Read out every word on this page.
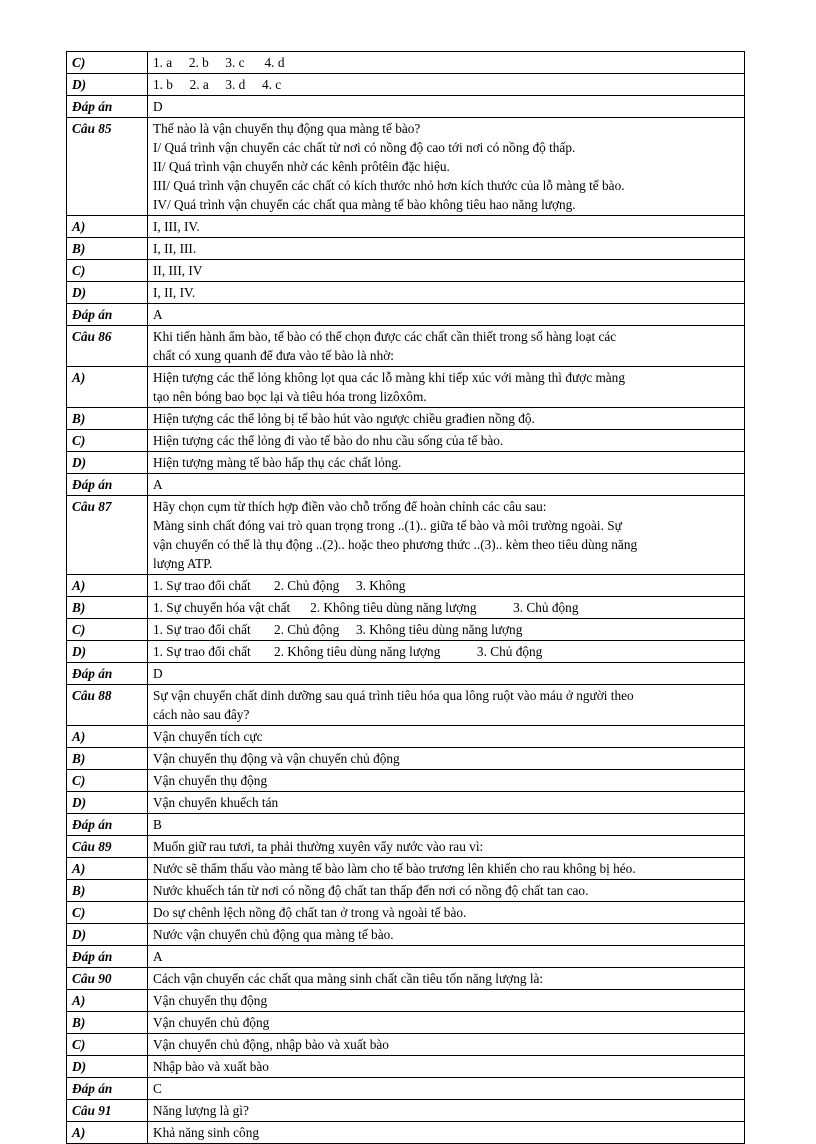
C)	1. a     2. b     3. c      4. d

D)	1. b     2. a     3. d     4. c

Đáp án	D

Câu 85	Thế nào là vận chuyển thụ động qua màng tế bào?
I/ Quá trình vận chuyển các chất từ nơi có nồng độ cao tới nơi có nồng độ thấp.
II/ Quá trình vận chuyển nhờ các kênh prôtêin đặc hiệu.
III/ Quá trình vận chuyển các chất có kích thước nhỏ hơn kích thước của lỗ màng tế bào.
IV/ Quá trình vận chuyển các chất qua màng tế bào không tiêu hao năng lượng.

A)	I, III, IV.

B)	I, II, III.

C)	II, III, IV

D)	I, II, IV.

Đáp án	A

Câu 86	Khi tiến hành ẩm bào, tế bào có thể chọn được các chất cần thiết trong số hàng loạt các
chất có xung quanh để đưa vào tế bào là nhờ:

A)	Hiện tượng các thể lỏng không lọt qua các lỗ màng khi tiếp xúc với màng thì được màng
tạo nên bóng bao bọc lại và tiêu hóa trong lizôxôm.

B)	Hiện tượng các thể lỏng bị tế bào hút vào ngược chiều građien nồng độ.

C)	Hiện tượng các thể lỏng đi vào tế bào do nhu cầu sống của tế bào.

D)	Hiện tượng màng tế bào hấp thụ các chất lỏng.

Đáp án	A

Câu 87	Hãy chọn cụm từ thích hợp điền vào chỗ trống để hoàn chỉnh các câu sau:
Màng sinh chất đóng vai trò quan trọng trong ..(1).. giữa tế bào và môi trường ngoài. Sự
vận chuyển có thể là thụ động ..(2).. hoặc theo phương thức ..(3).. kèm theo tiêu dùng năng
lượng ATP.

A)	1. Sự trao đổi chất       2. Chủ động     3. Không

B)	1. Sự chuyển hóa vật chất      2. Không tiêu dùng năng lượng           3. Chủ động

C)	1. Sự trao đổi chất       2. Chủ động     3. Không tiêu dùng năng lượng

D)	1. Sự trao đổi chất       2. Không tiêu dùng năng lượng           3. Chủ động

Đáp án	D

Câu 88	Sự vận chuyển chất dinh dưỡng sau quá trình tiêu hóa qua lông ruột vào máu ở người theo
cách nào sau đây?

A)	Vận chuyển tích cực

B)	Vận chuyển thụ động và vận chuyển chủ động

C)	Vận chuyển thụ động

D)	Vận chuyển khuếch tán

Đáp án	B

Câu 89	Muốn giữ rau tươi, ta phải thường xuyên vẩy nước vào rau vì:

A)	Nước sẽ thẩm thấu vào màng tế bào làm cho tế bào trương lên khiến cho rau không bị héo.

B)	Nước khuếch tán từ nơi có nồng độ chất tan thấp đến nơi có nồng độ chất tan cao.

C)	Do sự chênh lệch nồng độ chất tan ở trong và ngoài tế bào.

D)	Nước vận chuyển chủ động qua màng tế bào.

Đáp án	A

Câu 90	Cách vận chuyển các chất qua màng sinh chất cần tiêu tốn năng lượng là:

A)	Vận chuyển thụ động

B)	Vận chuyển chủ động

C)	Vận chuyển chủ động, nhập bào và xuất bào

D)	Nhập bào và xuất bào

Đáp án	C

Câu 91	Năng lượng là gì?

A)	Khả năng sinh công
